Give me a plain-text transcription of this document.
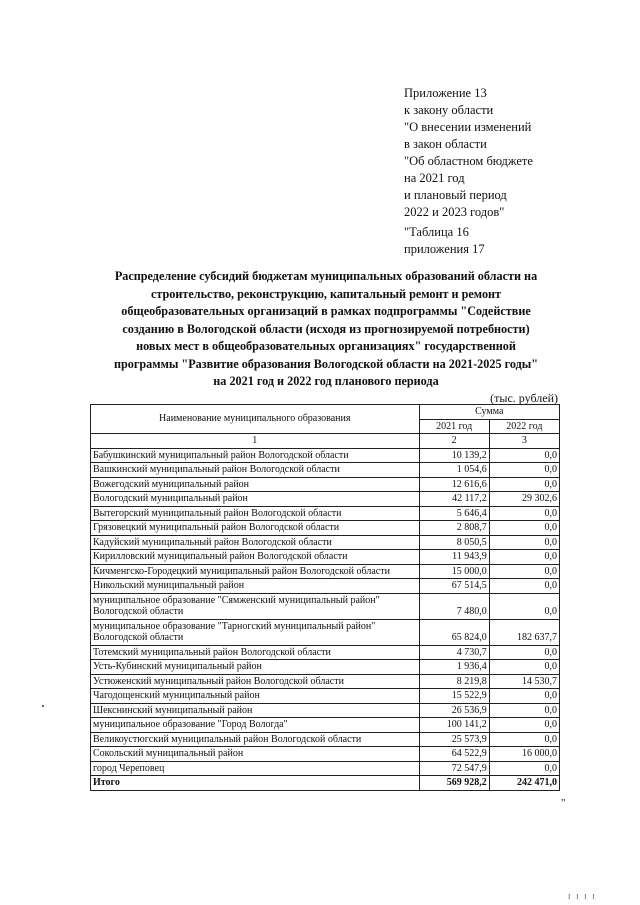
Приложение 13
к закону области
"О внесении изменений
в закон области
"Об областном бюджете
на 2021 год
и плановый период
2022 и 2023 годов"
"Таблица 16
приложения 17
Распределение субсидий бюджетам муниципальных образований области на
строительство, реконструкцию, капитальный ремонт и ремонт
общеобразовательных организаций в рамках подпрограммы "Содействие
созданию в Вологодской области (исходя из прогнозируемой потребности)
новых мест в общеобразовательных организациях" государственной
программы "Развитие образования Вологодской области на 2021-2025 годы"
на 2021 год и 2022 год планового периода
(тыс. рублей)
Наименование муниципального образования	Сумма	
	2021 год	2022 год
1	2	3
Бабушкинский муниципальный район Вологодской области	10 139,2	0,0
Вашкинский муниципальный район Вологодской области	1 054,6	0,0
Вожегодский муниципальный район	12 616,6	0,0
Вологодский муниципальный район	42 117,2	29 302,6
Вытегорский муниципальный район Вологодской области	5 646,4	0,0
Грязовецкий муниципальный район Вологодской области	2 808,7	0,0
Кадуйский муниципальный район Вологодской области	8 050,5	0,0
Кирилловский муниципальный район Вологодской области	11 943,9	0,0
Кичменгско-Городецкий муниципальный район Вологодской области	15 000,0	0,0
Никольский муниципальный район	67 514,5	0,0
муниципальное образование "Сямженский муниципальный район" Вологодской области	7 480,0	0,0
муниципальное образование "Тарногский муниципальный район" Вологодской области	65 824,0	182 637,7
Тотемский муниципальный район Вологодской области	4 730,7	0,0
Усть-Кубинский муниципальный район	1 936,4	0,0
Устюженский муниципальный район Вологодской области	8 219,8	14 530,7
Чагодощенский муниципальный район	15 522,9	0,0
Шекснинский муниципальный район	26 536,9	0,0
муниципальное образование "Город Вологда"	100 141,2	0,0
Великоустюгский муниципальный район Вологодской области	25 573,9	0,0
Сокольский муниципальный район	64 522,9	16 000,0
город Череповец	72 547,9	0,0
Итого	569 928,2	242 471,0
"
I I I I
